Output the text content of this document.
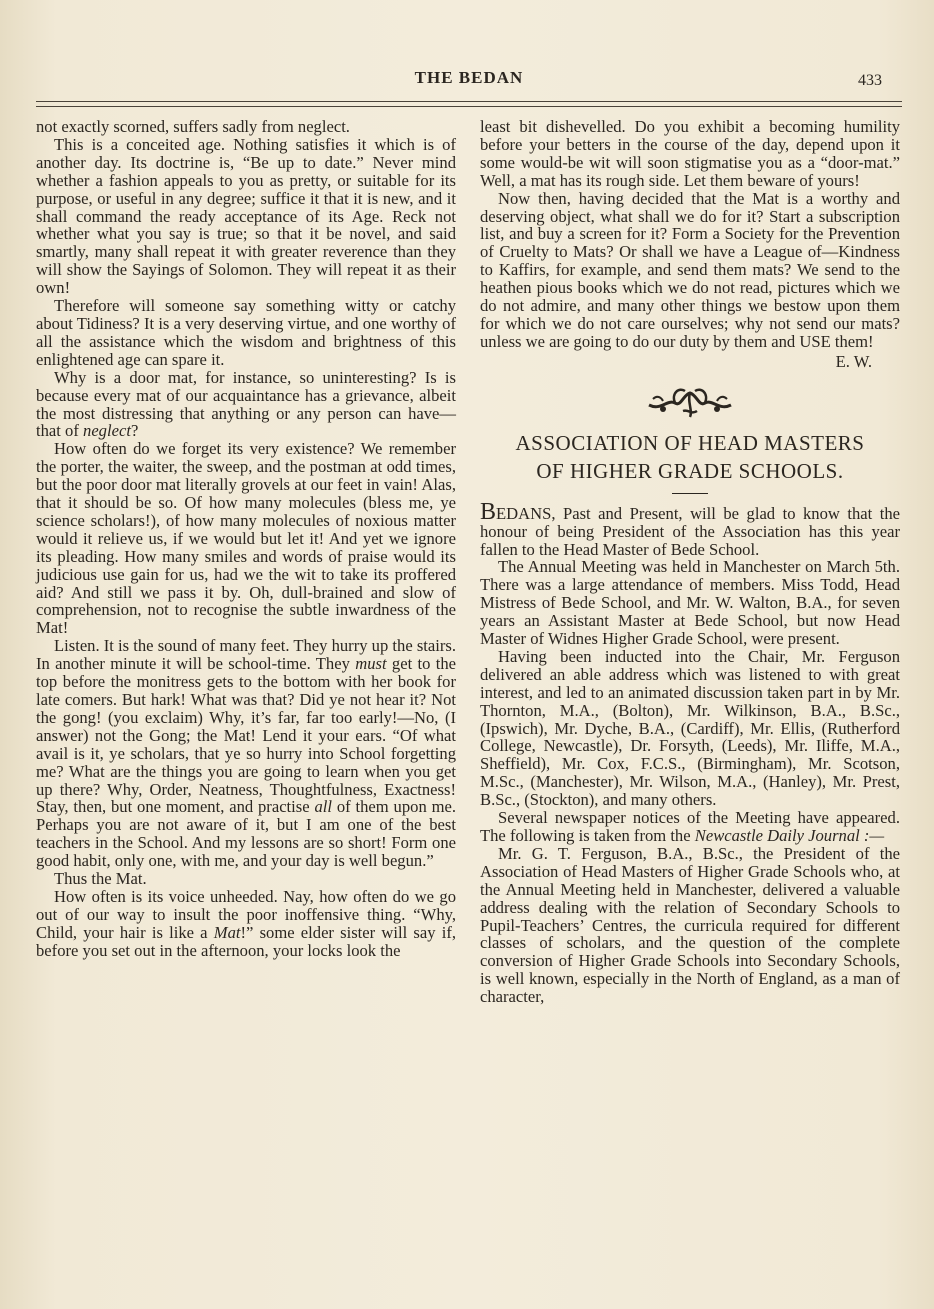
THE BEDAN	433

not exactly scorned, suffers sadly from neglect.

This is a conceited age. Nothing satisfies it which is of another day. Its doctrine is, “Be up to date.” Never mind whether a fashion appeals to you as pretty, or suitable for its purpose, or useful in any degree; suffice it that it is new, and it shall command the ready acceptance of its Age. Reck not whether what you say is true; so that it be novel, and said smartly, many shall repeat it with greater reverence than they will show the Sayings of Solomon. They will repeat it as their own!

Therefore will someone say something witty or catchy about Tidiness? It is a very deserving virtue, and one worthy of all the assistance which the wisdom and brightness of this enlightened age can spare it.

Why is a door mat, for instance, so uninteresting? Is is because every mat of our acquaintance has a grievance, albeit the most distressing that anything or any person can have—that of neglect?

How often do we forget its very existence? We remember the porter, the waiter, the sweep, and the postman at odd times, but the poor door mat literally grovels at our feet in vain! Alas, that it should be so. Of how many molecules (bless me, ye science scholars!), of how many molecules of noxious matter would it relieve us, if we would but let it! And yet we ignore its pleading. How many smiles and words of praise would its judicious use gain for us, had we the wit to take its proffered aid? And still we pass it by. Oh, dull-brained and slow of comprehension, not to recognise the subtle inwardness of the Mat!

Listen. It is the sound of many feet. They hurry up the stairs. In another minute it will be school-time. They must get to the top before the monitress gets to the bottom with her book for late comers. But hark! What was that? Did ye not hear it? Not the gong! (you exclaim) Why, it’s far, far too early!—No, (I answer) not the Gong; the Mat! Lend it your ears. “Of what avail is it, ye scholars, that ye so hurry into School forgetting me? What are the things you are going to learn when you get up there? Why, Order, Neatness, Thoughtfulness, Exactness! Stay, then, but one moment, and practise all of them upon me. Perhaps you are not aware of it, but I am one of the best teachers in the School. And my lessons are so short! Form one good habit, only one, with me, and your day is well begun.”

Thus the Mat.

How often is its voice unheeded. Nay, how often do we go out of our way to insult the poor inoffensive thing. “Why, Child, your hair is like a Mat!” some elder sister will say if, before you set out in the afternoon, your locks look the

least bit dishevelled. Do you exhibit a becoming humility before your betters in the course of the day, depend upon it some would-be wit will soon stigmatise you as a “door-mat.” Well, a mat has its rough side. Let them beware of yours!

Now then, having decided that the Mat is a worthy and deserving object, what shall we do for it? Start a subscription list, and buy a screen for it? Form a Society for the Prevention of Cruelty to Mats? Or shall we have a League of—Kindness to Kaffirs, for example, and send them mats? We send to the heathen pious books which we do not read, pictures which we do not admire, and many other things we bestow upon them for which we do not care ourselves; why not send our mats? unless we are going to do our duty by them and USE them!

E. W.
ASSOCIATION OF HEAD MASTERS
OF HIGHER GRADE SCHOOLS.

BEDANS, Past and Present, will be glad to know that the honour of being President of the Association has this year fallen to the Head Master of Bede School.

The Annual Meeting was held in Manchester on March 5th. There was a large attendance of members. Miss Todd, Head Mistress of Bede School, and Mr. W. Walton, B.A., for seven years an Assistant Master at Bede School, but now Head Master of Widnes Higher Grade School, were present.

Having been inducted into the Chair, Mr. Ferguson delivered an able address which was listened to with great interest, and led to an animated discussion taken part in by Mr. Thornton, M.A., (Bolton), Mr. Wilkinson, B.A., B.Sc., (Ipswich), Mr. Dyche, B.A., (Cardiff), Mr. Ellis, (Rutherford College, Newcastle), Dr. Forsyth, (Leeds), Mr. Iliffe, M.A., Sheffield), Mr. Cox, F.C.S., (Birmingham), Mr. Scotson, M.Sc., (Manchester), Mr. Wilson, M.A., (Hanley), Mr. Prest, B.Sc., (Stockton), and many others.

Several newspaper notices of the Meeting have appeared. The following is taken from the Newcastle Daily Journal :—

Mr. G. T. Ferguson, B.A., B.Sc., the President of the Association of Head Masters of Higher Grade Schools who, at the Annual Meeting held in Manchester, delivered a valuable address dealing with the relation of Secondary Schools to Pupil-Teachers’ Centres, the curricula required for different classes of scholars, and the question of the complete conversion of Higher Grade Schools into Secondary Schools, is well known, especially in the North of England, as a man of character,
